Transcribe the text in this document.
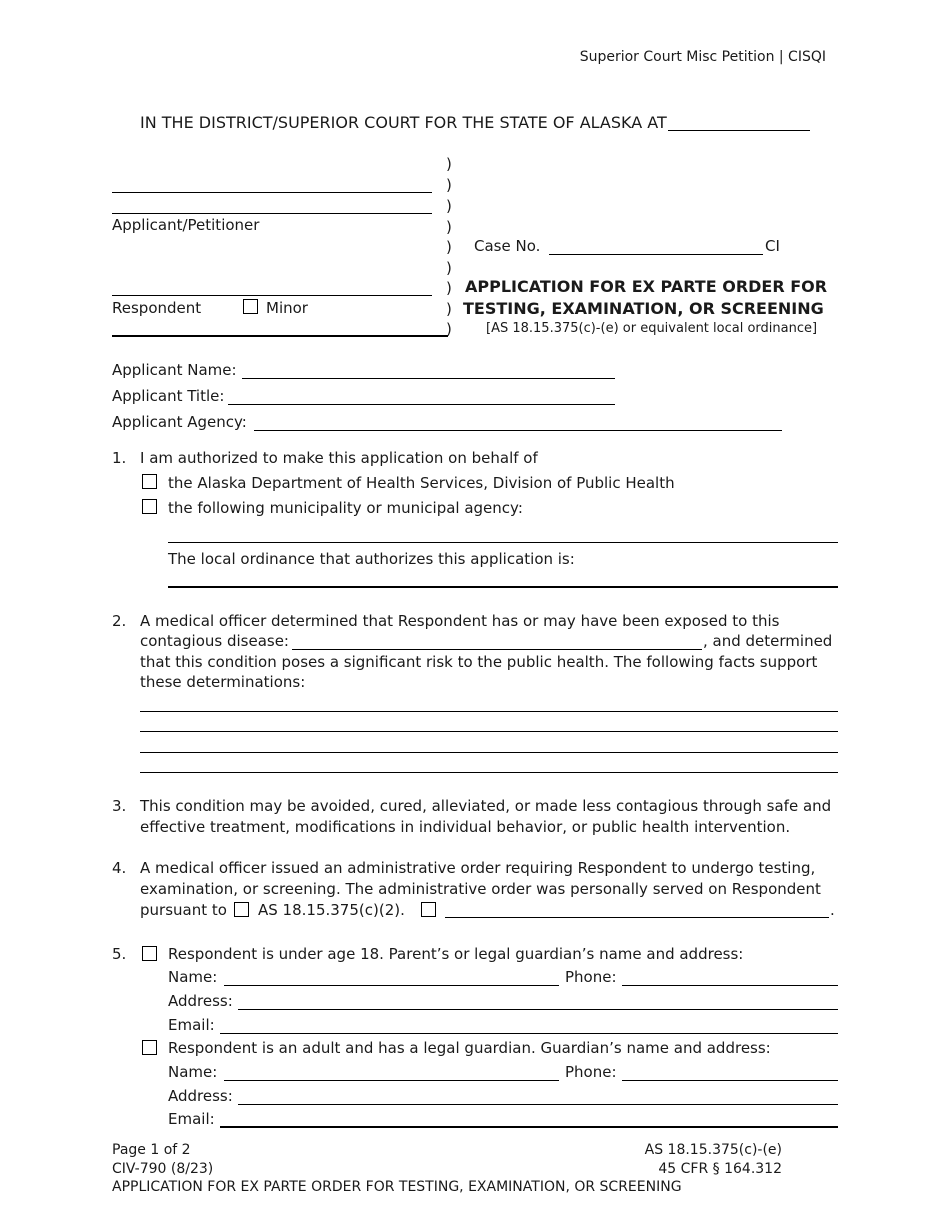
Superior Court Misc Petition | CISQI
IN THE DISTRICT/SUPERIOR COURT FOR THE STATE OF ALASKA AT
)
)
)
)
)
)
)
)
)
Applicant/Petitioner
Respondent	Minor
Case No.	CI
APPLICATION FOR EX PARTE ORDER FOR
TESTING, EXAMINATION, OR SCREENING
[AS 18.15.375(c)-(e) or equivalent local ordinance]
Applicant Name:
Applicant Title:
Applicant Agency:
1. I am authorized to make this application on behalf of
the Alaska Department of Health Services, Division of Public Health
the following municipality or municipal agency:
The local ordinance that authorizes this application is:
2. A medical officer determined that Respondent has or may have been exposed to this
contagious disease:	, and determined
that this condition poses a significant risk to the public health. The following facts support
these determinations:
3. This condition may be avoided, cured, alleviated, or made less contagious through safe and
effective treatment, modifications in individual behavior, or public health intervention.
4. A medical officer issued an administrative order requiring Respondent to undergo testing,
examination, or screening. The administrative order was personally served on Respondent
pursuant to AS 18.15.375(c)(2).	.
5.	Respondent is under age 18. Parent’s or legal guardian’s name and address:
Name:	Phone:
Address:
Email:
Respondent is an adult and has a legal guardian. Guardian’s name and address:
Name:	Phone:
Address:
Email:
Page 1 of 2
CIV-790 (8/23)
APPLICATION FOR EX PARTE ORDER FOR TESTING, EXAMINATION, OR SCREENING
AS 18.15.375(c)-(e)
45 CFR § 164.312
